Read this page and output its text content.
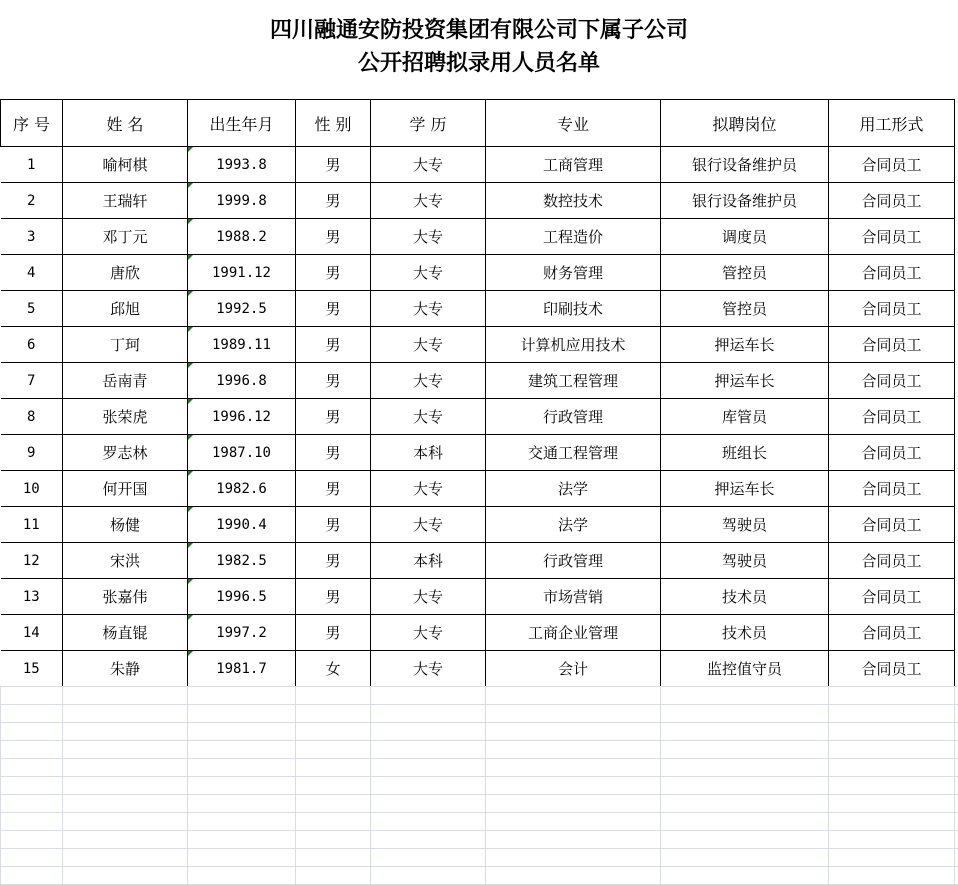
四川融通安防投资集团有限公司下属子公司
公开招聘拟录用人员名单
序 号	姓 名	出生年月	性 别	学 历	专业	拟聘岗位	用工形式
1	喻柯棋	1993.8	男	大专	工商管理	银行设备维护员	合同员工
2	王瑞轩	1999.8	男	大专	数控技术	银行设备维护员	合同员工
3	邓丁元	1988.2	男	大专	工程造价	调度员	合同员工
4	唐欣	1991.12	男	大专	财务管理	管控员	合同员工
5	邱旭	1992.5	男	大专	印刷技术	管控员	合同员工
6	丁珂	1989.11	男	大专	计算机应用技术	押运车长	合同员工
7	岳南青	1996.8	男	大专	建筑工程管理	押运车长	合同员工
8	张荣虎	1996.12	男	大专	行政管理	库管员	合同员工
9	罗志林	1987.10	男	本科	交通工程管理	班组长	合同员工
10	何开国	1982.6	男	大专	法学	押运车长	合同员工
11	杨健	1990.4	男	大专	法学	驾驶员	合同员工
12	宋洪	1982.5	男	本科	行政管理	驾驶员	合同员工
13	张嘉伟	1996.5	男	大专	市场营销	技术员	合同员工
14	杨直锟	1997.2	男	大专	工商企业管理	技术员	合同员工
15	朱静	1981.7	女	大专	会计	监控值守员	合同员工
